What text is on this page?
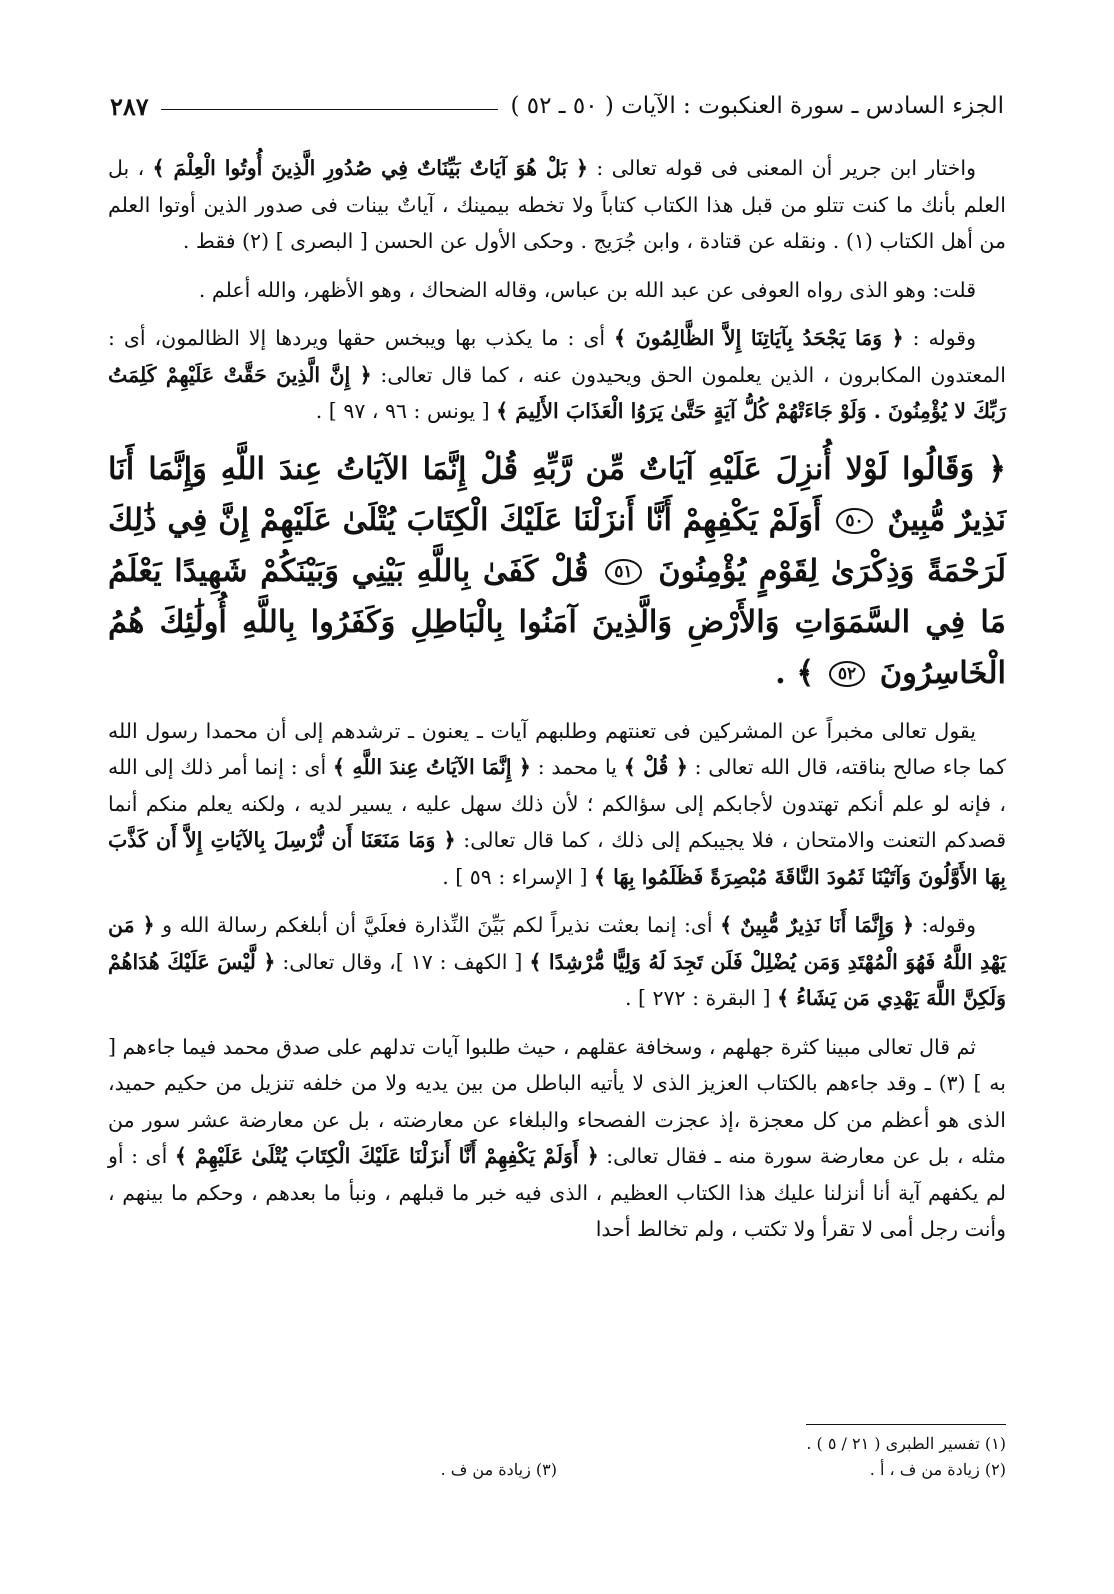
الجزء السادس ـ سورة العنكبوت : الآيات ( ٥٠ ـ ٥٢ )
٢٨٧

واختار ابن جرير أن المعنى فى قوله تعالى : ﴿ بَلْ هُوَ آيَاتٌ بَيِّنَاتٌ فِي صُدُورِ الَّذِينَ أُوتُوا الْعِلْمَ ﴾ ، بل العلم بأنك ما كنت تتلو من قبل هذا الكتاب كتاباً ولا تخطه بيمينك ، آياتٌ بينات فى صدور الذين أوتوا العلم من أهل الكتاب (١) . ونقله عن قتادة ، وابن جُرَيج . وحكى الأول عن الحسن [ البصرى ] (٢) فقط .

قلت: وهو الذى رواه العوفى عن عبد الله بن عباس، وقاله الضحاك ، وهو الأظهر، والله أعلم .

وقوله : ﴿ وَمَا يَجْحَدُ بِآيَاتِنَا إِلاَّ الظَّالِمُونَ ﴾ أى : ما يكذب بها ويبخس حقها ويردها إلا الظالمون، أى : المعتدون المكابرون ، الذين يعلمون الحق ويحيدون عنه ، كما قال تعالى: ﴿ إِنَّ الَّذِينَ حَقَّتْ عَلَيْهِمْ كَلِمَتُ رَبِّكَ لا يُؤْمِنُونَ . وَلَوْ جَاءَتْهُمْ كُلُّ آيَةٍ حَتَّىٰ يَرَوُا الْعَذَابَ الأَلِيمَ ﴾ [ يونس : ٩٦ ، ٩٧ ] .

﴿ وَقَالُوا لَوْلا أُنزِلَ عَلَيْهِ آيَاتٌ مِّن رَّبِّهِ قُلْ إِنَّمَا الآيَاتُ عِندَ اللَّهِ وَإِنَّمَا أَنَا نَذِيرٌ مُّبِينٌ ٥٠ أَوَلَمْ يَكْفِهِمْ أَنَّا أَنزَلْنَا عَلَيْكَ الْكِتَابَ يُتْلَىٰ عَلَيْهِمْ إِنَّ فِي ذَٰلِكَ لَرَحْمَةً وَذِكْرَىٰ لِقَوْمٍ يُؤْمِنُونَ ٥١ قُلْ كَفَىٰ بِاللَّهِ بَيْنِي وَبَيْنَكُمْ شَهِيدًا يَعْلَمُ مَا فِي السَّمَوَاتِ وَالأَرْضِ وَالَّذِينَ آمَنُوا بِالْبَاطِلِ وَكَفَرُوا بِاللَّهِ أُولَٰئِكَ هُمُ الْخَاسِرُونَ ٥٢ ﴾ .

يقول تعالى مخبراً عن المشركين فى تعنتهم وطلبهم آيات ـ يعنون ـ ترشدهم إلى أن محمدا رسول الله كما جاء صالح بناقته، قال الله تعالى : ﴿ قُلْ ﴾ يا محمد : ﴿ إِنَّمَا الآيَاتُ عِندَ اللَّهِ ﴾ أى : إنما أمر ذلك إلى الله ، فإنه لو علم أنكم تهتدون لأجابكم إلى سؤالكم ؛ لأن ذلك سهل عليه ، يسير لديه ، ولكنه يعلم منكم أنما قصدكم التعنت والامتحان ، فلا يجيبكم إلى ذلك ، كما قال تعالى: ﴿ وَمَا مَنَعَنَا أَن نُّرْسِلَ بِالآيَاتِ إِلاَّ أَن كَذَّبَ بِهَا الأَوَّلُونَ وَآتَيْنَا ثَمُودَ النَّاقَةَ مُبْصِرَةً فَظَلَمُوا بِهَا ﴾ [ الإسراء : ٥٩ ] .

وقوله: ﴿ وَإِنَّمَا أَنَا نَذِيرٌ مُّبِينٌ ﴾ أى: إنما بعثت نذيراً لكم بَيِّنَ النِّذارة فعلَيَّ أن أبلغكم رسالة الله و ﴿ مَن يَهْدِ اللَّهُ فَهُوَ الْمُهْتَدِ وَمَن يُضْلِلْ فَلَن تَجِدَ لَهُ وَلِيًّا مُّرْشِدًا ﴾ [ الكهف : ١٧ ]، وقال تعالى: ﴿ لَّيْسَ عَلَيْكَ هُدَاهُمْ وَلَكِنَّ اللَّهَ يَهْدِي مَن يَشَاءُ ﴾ [ البقرة : ٢٧٢ ] .

ثم قال تعالى مبينا كثرة جهلهم ، وسخافة عقلهم ، حيث طلبوا آيات تدلهم على صدق محمد فيما جاءهم [ به ] (٣) ـ وقد جاءهم بالكتاب العزيز الذى لا يأتيه الباطل من بين يديه ولا من خلفه تنزيل من حكيم حميد، الذى هو أعظم من كل معجزة ،إذ عجزت الفصحاء والبلغاء عن معارضته ، بل عن معارضة عشر سور من مثله ، بل عن معارضة سورة منه ـ فقال تعالى: ﴿ أَوَلَمْ يَكْفِهِمْ أَنَّا أَنزَلْنَا عَلَيْكَ الْكِتَابَ يُتْلَىٰ عَلَيْهِمْ ﴾ أى : أو لم يكفهم آية أنا أنزلنا عليك هذا الكتاب العظيم ، الذى فيه خبر ما قبلهم ، ونبأ ما بعدهم ، وحكم ما بينهم ، وأنت رجل أمى لا تقرأ ولا تكتب ، ولم تخالط أحدا

(١) تفسير الطبرى ( ٢١ / ٥ ) .
(٢) زيادة من ف ، أ .
(٣) زيادة من ف .
